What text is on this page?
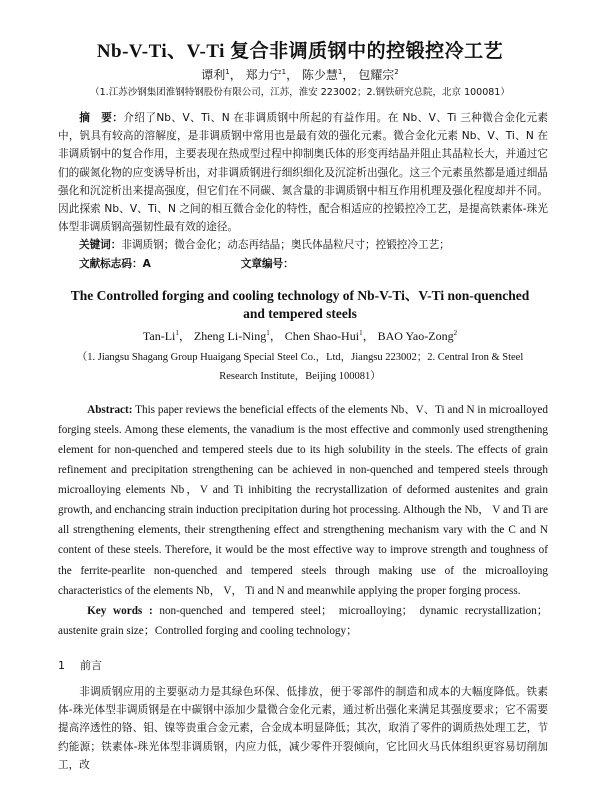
Nb-V-Ti、V-Ti 复合非调质钢中的控锻控冷工艺
谭利$^1$， 郑力宁$^1$， 陈少慧$^1$， 包耀宗$^2$
（1.江苏沙钢集团淮钢特钢股份有限公司，江苏，淮安 223002；2.钢铁研究总院，北京 100081）

摘　要：介绍了Nb、V、Ti、N 在非调质钢中所起的有益作用。在 Nb、V、Ti 三种微合金化元素中，钒具有较高的溶解度，是非调质钢中常用也是最有效的强化元素。微合金化元素 Nb、V、Ti、N 在非调质钢中的复合作用，主要表现在热成型过程中抑制奥氏体的形变再结晶并阻止其晶粒长大，并通过它们的碳氮化物的应变诱导析出，对非调质钢进行细织细化及沉淀析出强化。这三个元素虽然都是通过细晶强化和沉淀析出来提高强度，但它们在不同碳、氮含量的非调质钢中相互作用机理及强化程度却并不同。因此探索 Nb、V、Ti、N 之间的相互微合金化的特性，配合相适应的控锻控冷工艺，是提高铁素体-珠光体型非调质钢高强韧性最有效的途径。

关键词：非调质钢；微合金化；动态再结晶；奥氏体晶粒尺寸；控锻控冷工艺；

文献标志码：A	文章编号：

The Controlled forging and cooling technology of Nb-V-Ti、V-Ti non-quenched
and tempered steels
Tan-Li$^1$， Zheng Li-Ning$^1$， Chen Shao-Hui$^1$， BAO Yao-Zong$^2$
（1. Jiangsu Shagang Group Huaigang Special Steel Co.，Ltd，Jiangsu 223002；2. Central Iron & Steel
Research Institute，Beijing 100081）

Abstract: This paper reviews the beneficial effects of the elements Nb、V、Ti and N in microalloyed forging steels. Among these elements, the vanadium is the most effective and commonly used strengthening element for non-quenched and tempered steels due to its high solubility in the steels. The effects of grain refinement and precipitation strengthening can be achieved in non-quenched and tempered steels through microalloying elements Nb，V and Ti inhibiting the recrystallization of deformed austenites and grain growth, and enchancing strain induction precipitation during hot processing. Although the Nb， V and Ti are all strengthening elements, their strengthening effect and strengthening mechanism vary with the C and N content of these steels. Therefore, it would be the most effective way to improve strength and toughness of the ferrite-pearlite non-quenched and tempered steels through making use of the microalloying characteristics of the elements Nb， V， Ti and N and meanwhile applying the proper forging process.

Key words : non-quenched and tempered steel； microalloying； dynamic recrystallization； austenite grain size；Controlled forging and cooling technology；

1 前言

非调质钢应用的主要驱动力是其绿色环保、低排放，便于零部件的制造和成本的大幅度降低。铁素体-珠光体型非调质钢是在中碳钢中添加少量微合金化元素，通过析出强化来满足其强度要求；它不需要提高淬透性的铬、钼、镍等贵重合金元素，合金成本明显降低；其次，取消了零件的调质热处理工艺，节约能源；铁素体-珠光体型非调质钢，内应力低，减少零件开裂倾向，它比回火马氏体组织更容易切削加工，改
